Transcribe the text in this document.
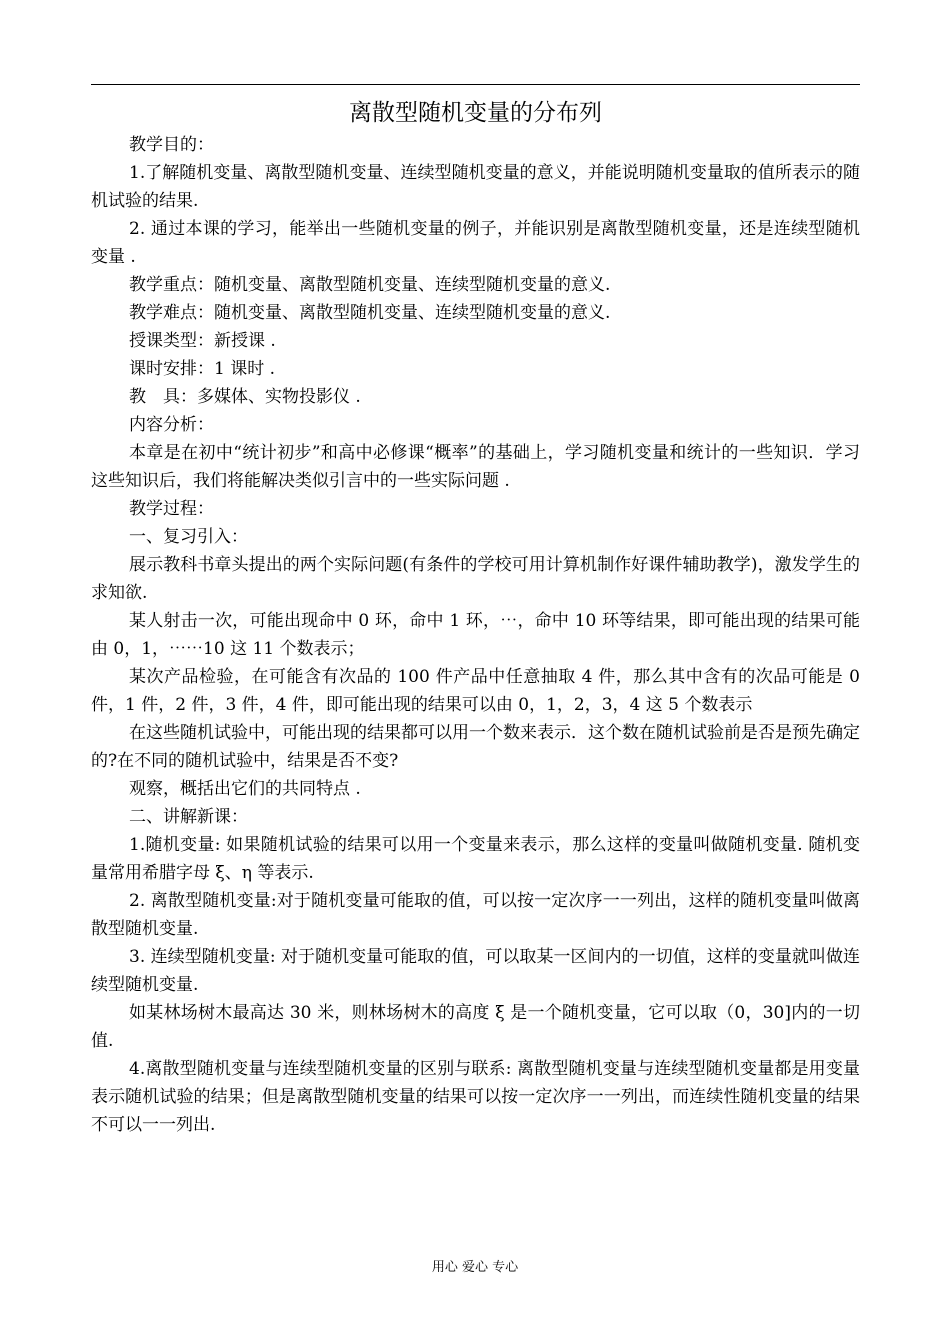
离散型随机变量的分布列

教学目的：

1.了解随机变量、离散型随机变量、连续型随机变量的意义，并能说明随机变量取的值所表示的随机试验的结果.

2. 通过本课的学习，能举出一些随机变量的例子，并能识别是离散型随机变量，还是连续型随机变量 .

教学重点：随机变量、离散型随机变量、连续型随机变量的意义.

教学难点：随机变量、离散型随机变量、连续型随机变量的意义.

授课类型：新授课 .

课时安排：1 课时 .

教　具：多媒体、实物投影仪 .

内容分析：

本章是在初中“统计初步”和高中必修课“概率”的基础上，学习随机变量和统计的一些知识．学习这些知识后，我们将能解决类似引言中的一些实际问题 .

教学过程：

一、复习引入：

展示教科书章头提出的两个实际问题(有条件的学校可用计算机制作好课件辅助教学)，激发学生的求知欲.

某人射击一次，可能出现命中 0 环，命中 1 环，⋯，命中 10 环等结果，即可能出现的结果可能由 0，1，⋯⋯10 这 11 个数表示；

某次产品检验，在可能含有次品的 100 件产品中任意抽取 4 件，那么其中含有的次品可能是 0 件，1 件，2 件，3 件，4 件，即可能出现的结果可以由 0，1，2，3，4 这 5 个数表示

在这些随机试验中，可能出现的结果都可以用一个数来表示．这个数在随机试验前是否是预先确定的?在不同的随机试验中，结果是否不变?

观察，概括出它们的共同特点 .

二、讲解新课：

1.随机变量: 如果随机试验的结果可以用一个变量来表示，那么这样的变量叫做随机变量. 随机变量常用希腊字母 ξ、η 等表示.

2. 离散型随机变量:对于随机变量可能取的值，可以按一定次序一一列出，这样的随机变量叫做离散型随机变量.

3. 连续型随机变量: 对于随机变量可能取的值，可以取某一区间内的一切值，这样的变量就叫做连续型随机变量.

如某林场树木最高达 30 米，则林场树木的高度 ξ 是一个随机变量，它可以取（0，30]内的一切值.

4.离散型随机变量与连续型随机变量的区别与联系: 离散型随机变量与连续型随机变量都是用变量表示随机试验的结果；但是离散型随机变量的结果可以按一定次序一一列出，而连续性随机变量的结果不可以一一列出.

用心 爱心 专心
